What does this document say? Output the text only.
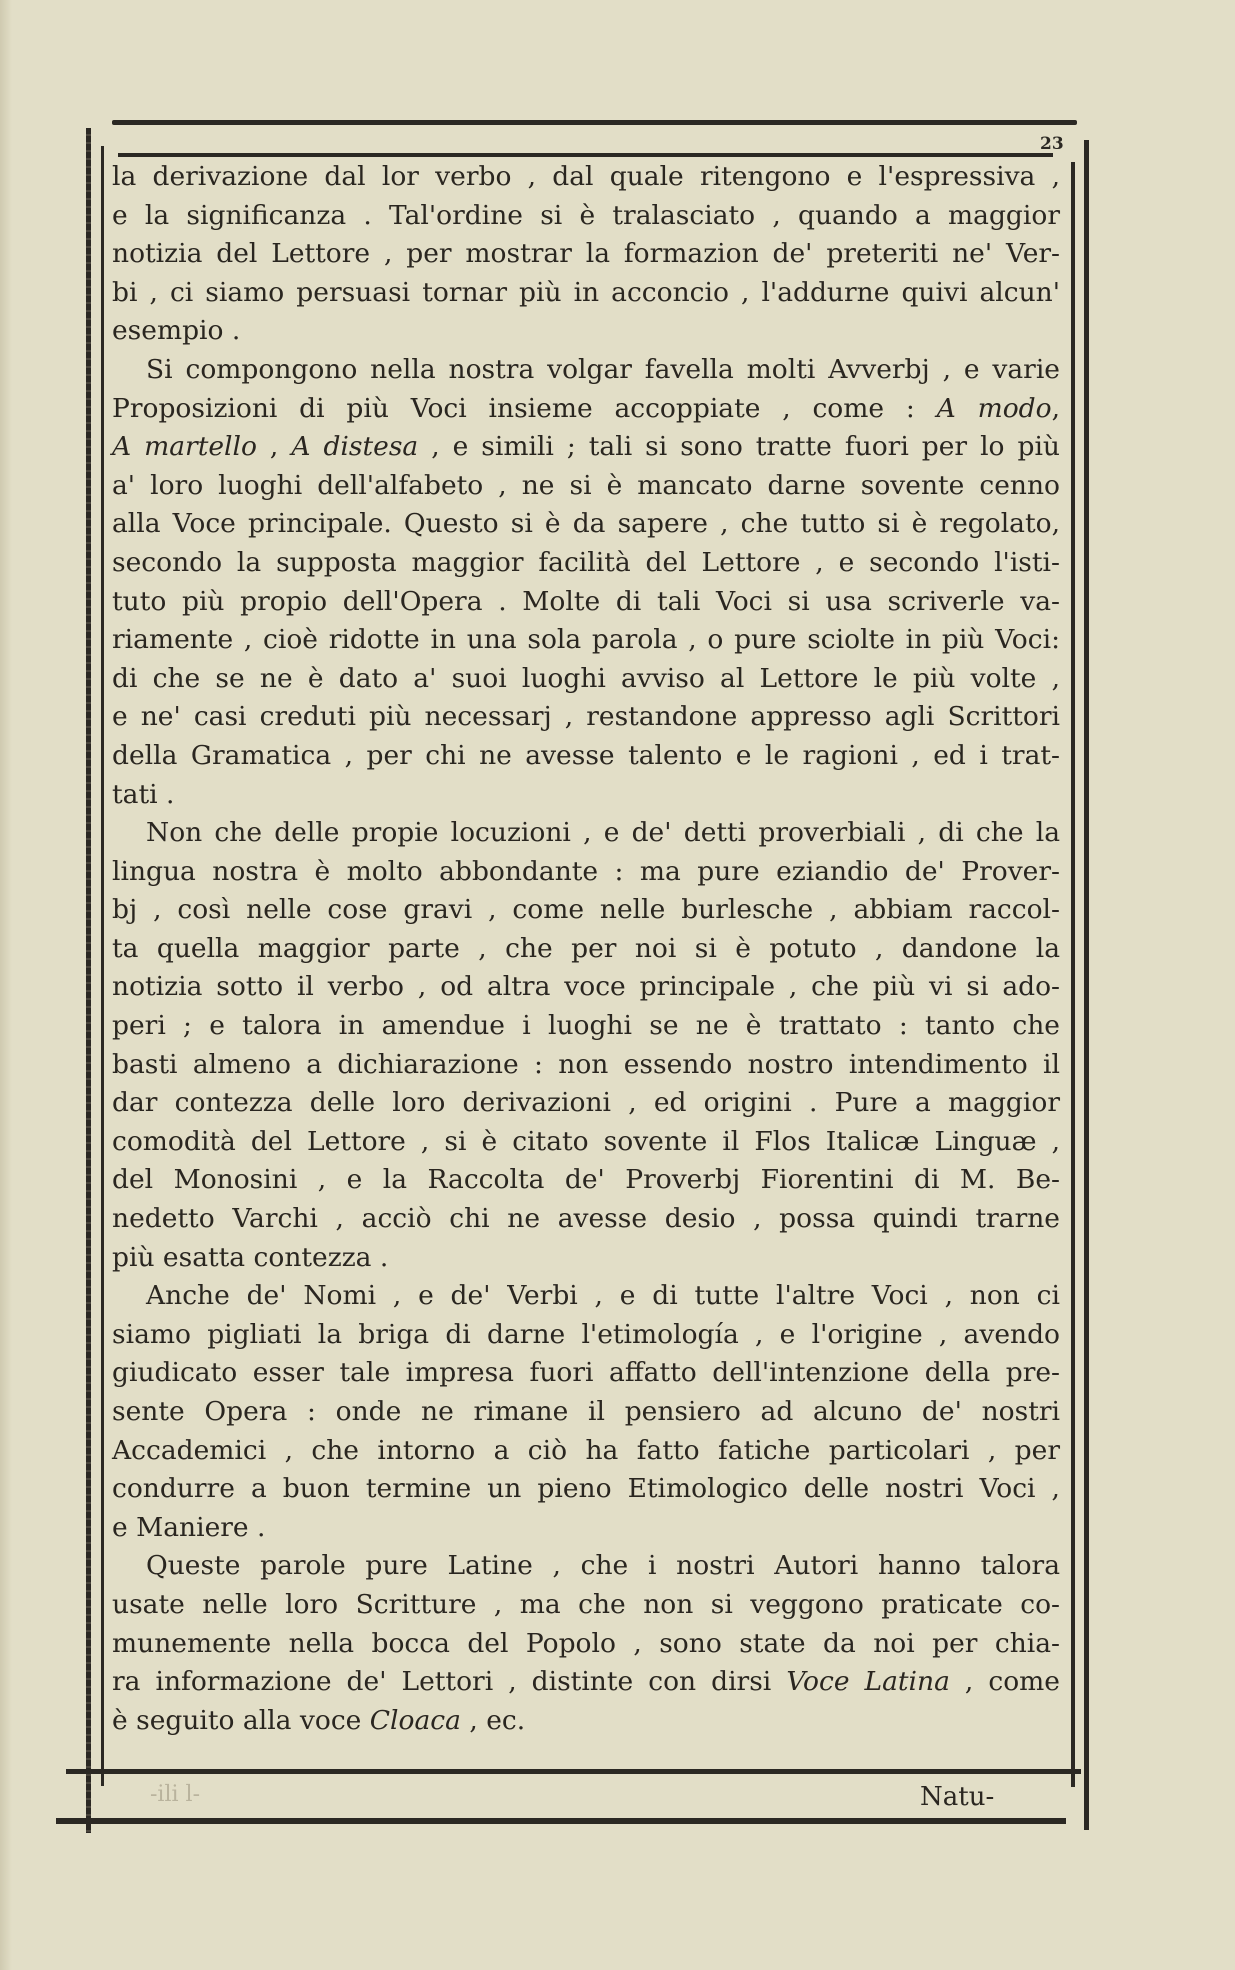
23
la derivazione dal lor verbo , dal quale ritengono e l'espressiva ,
e la significanza . Tal'ordine si è tralasciato , quando a maggior
notizia del Lettore , per mostrar la formazion de' preteriti ne' Ver-
bi , ci siamo persuasi tornar più in acconcio , l'addurne quivi alcun'
esempio .
Si compongono nella nostra volgar favella molti Avverbj , e varie
Proposizioni di più Voci insieme accoppiate , come : A modo,
A martello , A distesa , e simili ; tali si sono tratte fuori per lo più
a' loro luoghi dell'alfabeto , ne si è mancato darne sovente cenno
alla Voce principale. Questo si è da sapere , che tutto si è regolato,
secondo la supposta maggior facilità del Lettore , e secondo l'isti-
tuto più propio dell'Opera . Molte di tali Voci si usa scriverle va-
riamente , cioè ridotte in una sola parola , o pure sciolte in più Voci:
di che se ne è dato a' suoi luoghi avviso al Lettore le più volte ,
e ne' casi creduti più necessarj , restandone appresso agli Scrittori
della Gramatica , per chi ne avesse talento e le ragioni , ed i trat-
tati .
Non che delle propie locuzioni , e de' detti proverbiali , di che la
lingua nostra è molto abbondante : ma pure eziandio de' Prover-
bj , così nelle cose gravi , come nelle burlesche , abbiam raccol-
ta quella maggior parte , che per noi si è potuto , dandone la
notizia sotto il verbo , od altra voce principale , che più vi si ado-
peri ; e talora in amendue i luoghi se ne è trattato : tanto che
basti almeno a dichiarazione : non essendo nostro intendimento il
dar contezza delle loro derivazioni , ed origini . Pure a maggior
comodità del Lettore , si è citato sovente il Flos Italicæ Linguæ ,
del Monosini , e la Raccolta de' Proverbj Fiorentini di M. Be-
nedetto Varchi , acciò chi ne avesse desio , possa quindi trarne
più esatta contezza .
Anche de' Nomi , e de' Verbi , e di tutte l'altre Voci , non ci
siamo pigliati la briga di darne l'etimología , e l'origine , avendo
giudicato esser tale impresa fuori affatto dell'intenzione della pre-
sente Opera : onde ne rimane il pensiero ad alcuno de' nostri
Accademici , che intorno a ciò ha fatto fatiche particolari , per
condurre a buon termine un pieno Etimologico delle nostri Voci ,
e Maniere .
Queste parole pure Latine , che i nostri Autori hanno talora
usate nelle loro Scritture , ma che non si veggono praticate co-
munemente nella bocca del Popolo , sono state da noi per chia-
ra informazione de' Lettori , distinte con dirsi Voce Latina , come
è seguito alla voce Cloaca , ec.
-ili l-	Natu-
